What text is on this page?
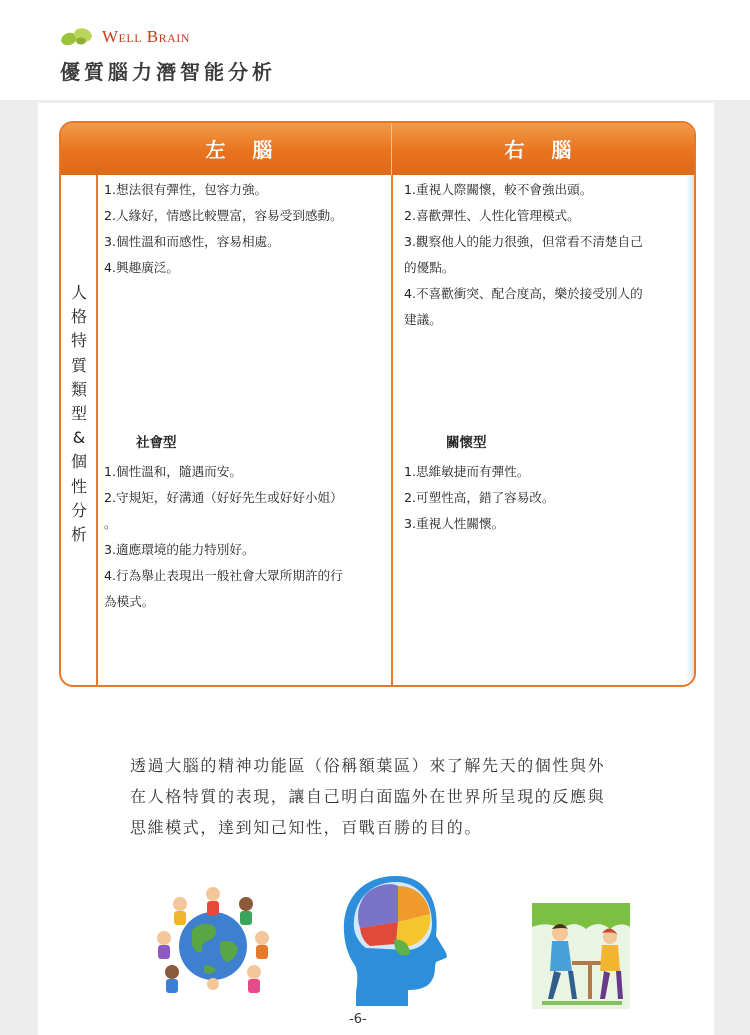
Well Brain
優質腦力潛智能分析
左 腦	右 腦
人
格
特
質
類
型
&
個
性
分
析
1.想法很有彈性，包容力強。
2.人緣好，情感比較豐富，容易受到感動。
3.個性溫和而感性，容易相處。
4.興趣廣泛。
1.重視人際關懷，較不會強出頭。
2.喜歡彈性、人性化管理模式。
3.觀察他人的能力很強，但常看不清楚自己
的優點。
4.不喜歡衝突、配合度高，樂於接受別人的
建議。
社會型	關懷型
1.個性溫和，隨遇而安。
2.守規矩，好溝通（好好先生或好好小姐）
。
3.適應環境的能力特別好。
4.行為舉止表現出一般社會大眾所期許的行
為模式。
1.思維敏捷而有彈性。
2.可塑性高，錯了容易改。
3.重視人性關懷。
透過大腦的精神功能區（俗稱額葉區）來了解先天的個性與外
在人格特質的表現，讓自己明白面臨外在世界所呈現的反應與
思維模式，達到知己知性，百戰百勝的目的。
-6-
